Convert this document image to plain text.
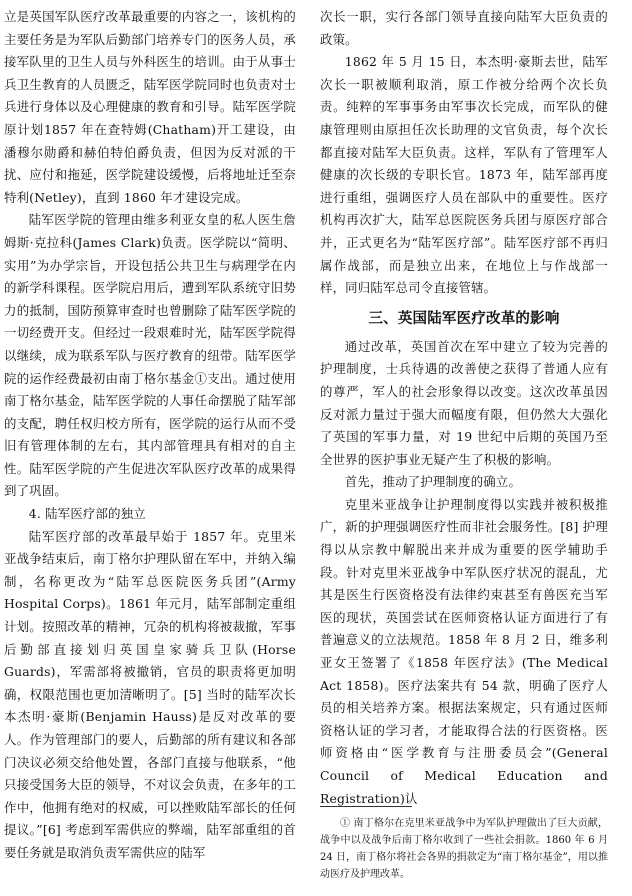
立是英国军队医疗改革最重要的内容之一，该机构的主要任务是为军队后勤部门培养专门的医务人员，承接军队里的卫生人员与外科医生的培训。由于从事士兵卫生教育的人员匮乏，陆军医学院同时也负责对士兵进行身体以及心理健康的教育和引导。陆军医学院原计划1857 年在查特姆(Chatham)开工建设，由潘穆尔勋爵和赫伯特伯爵负责，但因为反对派的干扰、应付和拖延，医学院建设缓慢，后将地址迁至奈特利(Netley)，直到 1860 年才建设完成。

陆军医学院的管理由维多利亚女皇的私人医生詹姆斯·克拉科(James Clark)负责。医学院以“简明、实用”为办学宗旨，开设包括公共卫生与病理学在内的新学科课程。医学院启用后，遭到军队系统守旧势力的抵制，国防预算审查时也曾删除了陆军医学院的一切经费开支。但经过一段艰难时光，陆军医学院得以继续，成为联系军队与医疗教育的纽带。陆军医学院的运作经费最初由南丁格尔基金①支出。通过使用南丁格尔基金，陆军医学院的人事任命摆脱了陆军部的支配，聘任权归校方所有，医学院的运行从而不受旧有管理体制的左右，其内部管理具有相对的自主性。陆军医学院的产生促进次军队医疗改革的成果得到了巩固。

4. 陆军医疗部的独立

陆军医疗部的改革最早始于 1857 年。克里米亚战争结束后，南丁格尔护理队留在军中，并纳入编制，名称更改为“陆军总医院医务兵团”(Army Hospital Corps)。1861 年元月，陆军部制定重组计划。按照改革的精神，冗杂的机构将被裁撤，军事后勤部直接划归英国皇家骑兵卫队(Horse Guards)，军需部将被撤销，官员的职责将更加明确，权限范围也更加清晰明了。[5] 当时的陆军次长本杰明·豪斯(Benjamin Hauss)是反对改革的要人。作为管理部门的要人，后勤部的所有建议和各部门决议必须交给他处置，各部门直接与他联系，“他只接受国务大臣的领导，不对议会负责，在多年的工作中，他拥有绝对的权威，可以挫败陆军部长的任何提议。”[6] 考虑到军需供应的弊端，陆军部重组的首要任务就是取消负责军需供应的陆军

次长一职，实行各部门领导直接向陆军大臣负责的政策。

1862 年 5 月 15 日，本杰明·豪斯去世，陆军次长一职被顺利取消，原工作被分给两个次长负责。纯粹的军事事务由军事次长完成，而军队的健康管理则由原担任次长助理的文官负责，每个次长都直接对陆军大臣负责。这样，军队有了管理军人健康的次长级的专职长官。1873 年，陆军部再度进行重组，强调医疗人员在部队中的重要性。医疗机构再次扩大，陆军总医院医务兵团与原医疗部合并，正式更名为“陆军医疗部”。陆军医疗部不再归属作战部，而是独立出来，在地位上与作战部一样，同归陆军总司令直接管辖。

三、英国陆军医疗改革的影响

通过改革，英国首次在军中建立了较为完善的护理制度，士兵待遇的改善使之获得了普通人应有的尊严，军人的社会形象得以改变。这次改革虽因反对派力量过于强大而幅度有限，但仍然大大强化了英国的军事力量，对 19 世纪中后期的英国乃至全世界的医护事业无疑产生了积极的影响。

首先，推动了护理制度的确立。

克里米亚战争让护理制度得以实践并被积极推广，新的护理强调医疗性而非社会服务性。[8] 护理得以从宗教中解脱出来并成为重要的医学辅助手段。针对克里米亚战争中军队医疗状况的混乱，尤其是医生行医资格没有法律约束甚至有兽医充当军医的现状，英国尝试在医师资格认证方面进行了有普遍意义的立法规范。1858 年 8 月 2 日，维多利亚女王签署了《1858 年医疗法》(The Medical Act 1858)。医疗法案共有 54 款，明确了医疗人员的相关培养方案。根据法案规定，只有通过医师资格认证的学习者，才能取得合法的行医资格。医师资格由“医学教育与注册委员会”(General Council of Medical Education and Registration)认

① 南丁格尔在克里米亚战争中为军队护理做出了巨大贡献，战争中以及战争后南丁格尔收到了一些社会捐款。1860 年 6 月 24 日，南丁格尔将社会各界的捐款定为“南丁格尔基金”，用以推动医疗及护理改革。
